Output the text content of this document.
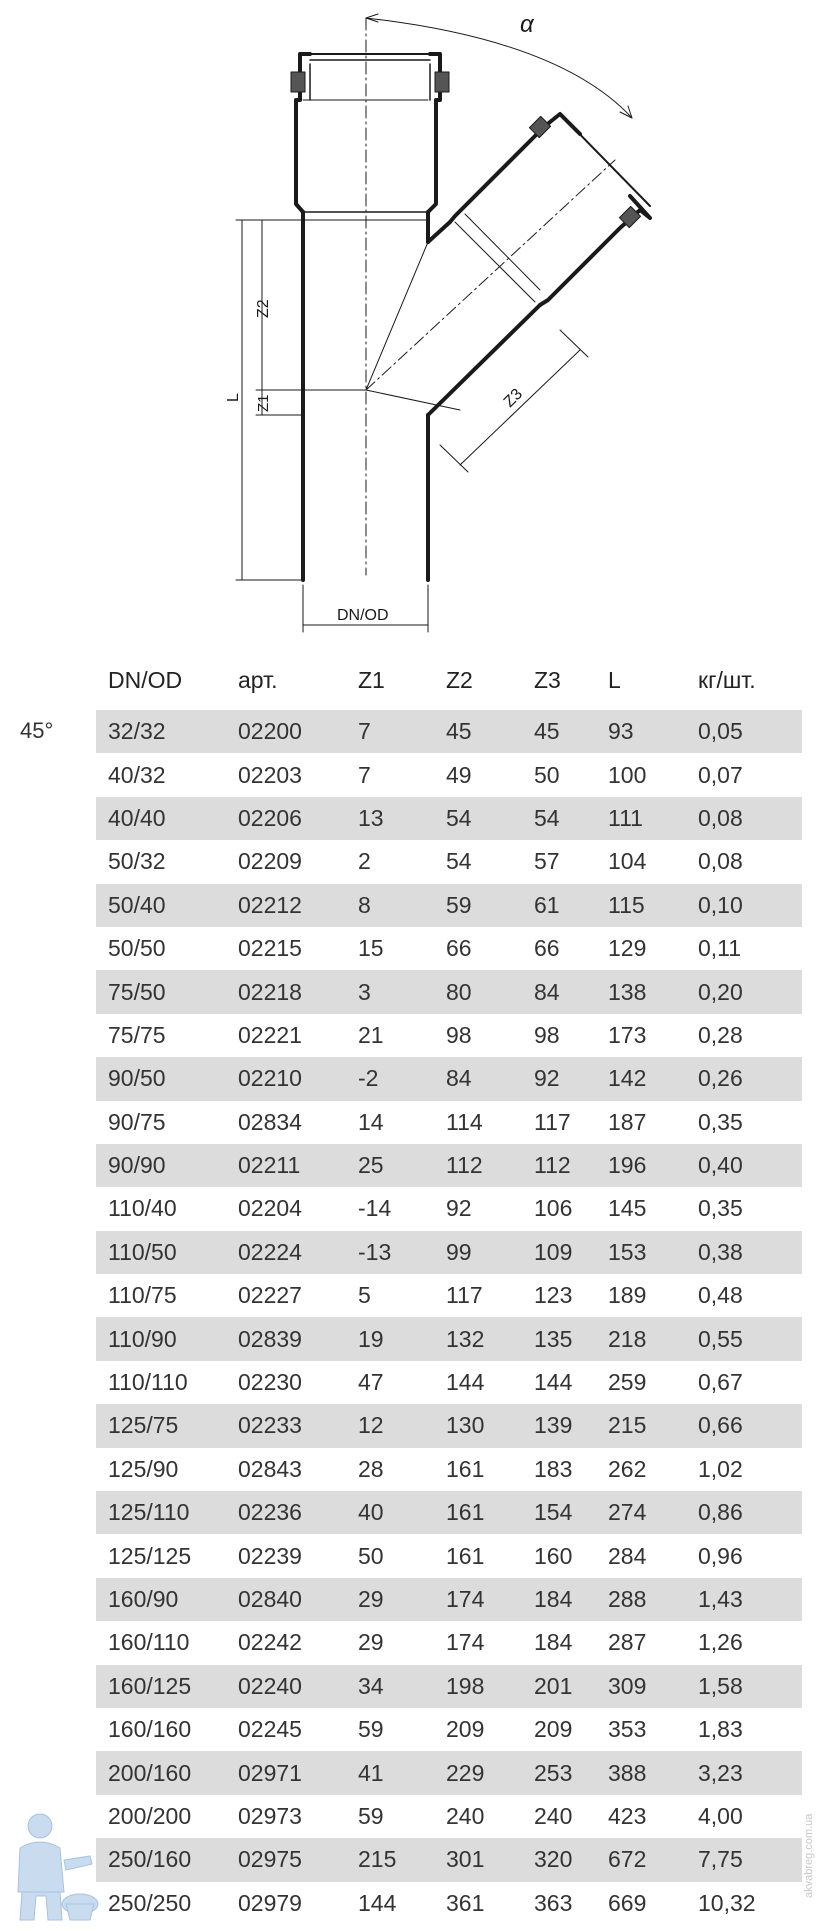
α
L
Z2
Z1	Z3
DN/OD
45°
DN/OD	арт.	Z1	Z2	Z3	L	кг/шт.
32/32	02200	7	45	45	93	0,05
40/32	02203	7	49	50	100	0,07
40/40	02206	13	54	54	111	0,08
50/32	02209	2	54	57	104	0,08
50/40	02212	8	59	61	115	0,10
50/50	02215	15	66	66	129	0,11
75/50	02218	3	80	84	138	0,20
75/75	02221	21	98	98	173	0,28
90/50	02210	-2	84	92	142	0,26
90/75	02834	14	114	117	187	0,35
90/90	02211	25	112	112	196	0,40
110/40	02204	-14	92	106	145	0,35
110/50	02224	-13	99	109	153	0,38
110/75	02227	5	117	123	189	0,48
110/90	02839	19	132	135	218	0,55
110/110	02230	47	144	144	259	0,67
125/75	02233	12	130	139	215	0,66
125/90	02843	28	161	183	262	1,02
125/110	02236	40	161	154	274	0,86
125/125	02239	50	161	160	284	0,96
160/90	02840	29	174	184	288	1,43
160/110	02242	29	174	184	287	1,26
160/125	02240	34	198	201	309	1,58
160/160	02245	59	209	209	353	1,83
200/160	02971	41	229	253	388	3,23
200/200	02973	59	240	240	423	4,00
250/160	02975	215	301	320	672	7,75
250/250	02979	144	361	363	669	10,32
akvabreg.com.ua
